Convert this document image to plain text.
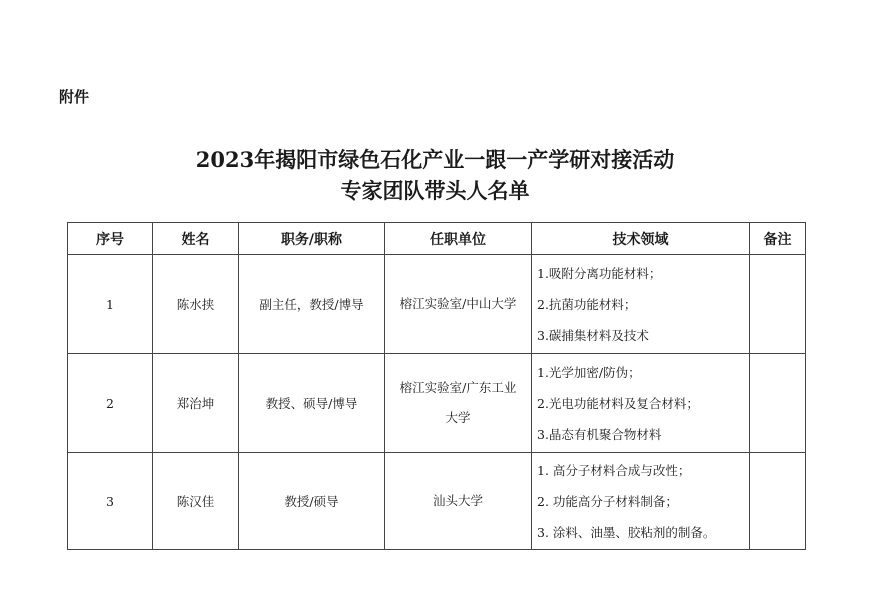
附件
2023年揭阳市绿色石化产业一跟一产学研对接活动
专家团队带头人名单
序号	姓名	职务/职称	任职单位	技术领域	备注
1	陈水挟	副主任，教授/博导	榕江实验室/中山大学	1.吸附分离功能材料；
2.抗菌功能材料；
3.碳捕集材料及技术	

2	郑治坤	教授、硕导/博导	榕江实验室/广东工业大学	1.光学加密/防伪；
2.光电功能材料及复合材料；
3.晶态有机聚合物材料	

3	陈汉佳	教授/硕导	汕头大学	1. 高分子材料合成与改性；
2. 功能高分子材料制备；
3. 涂料、油墨、胶粘剂的制备。	
